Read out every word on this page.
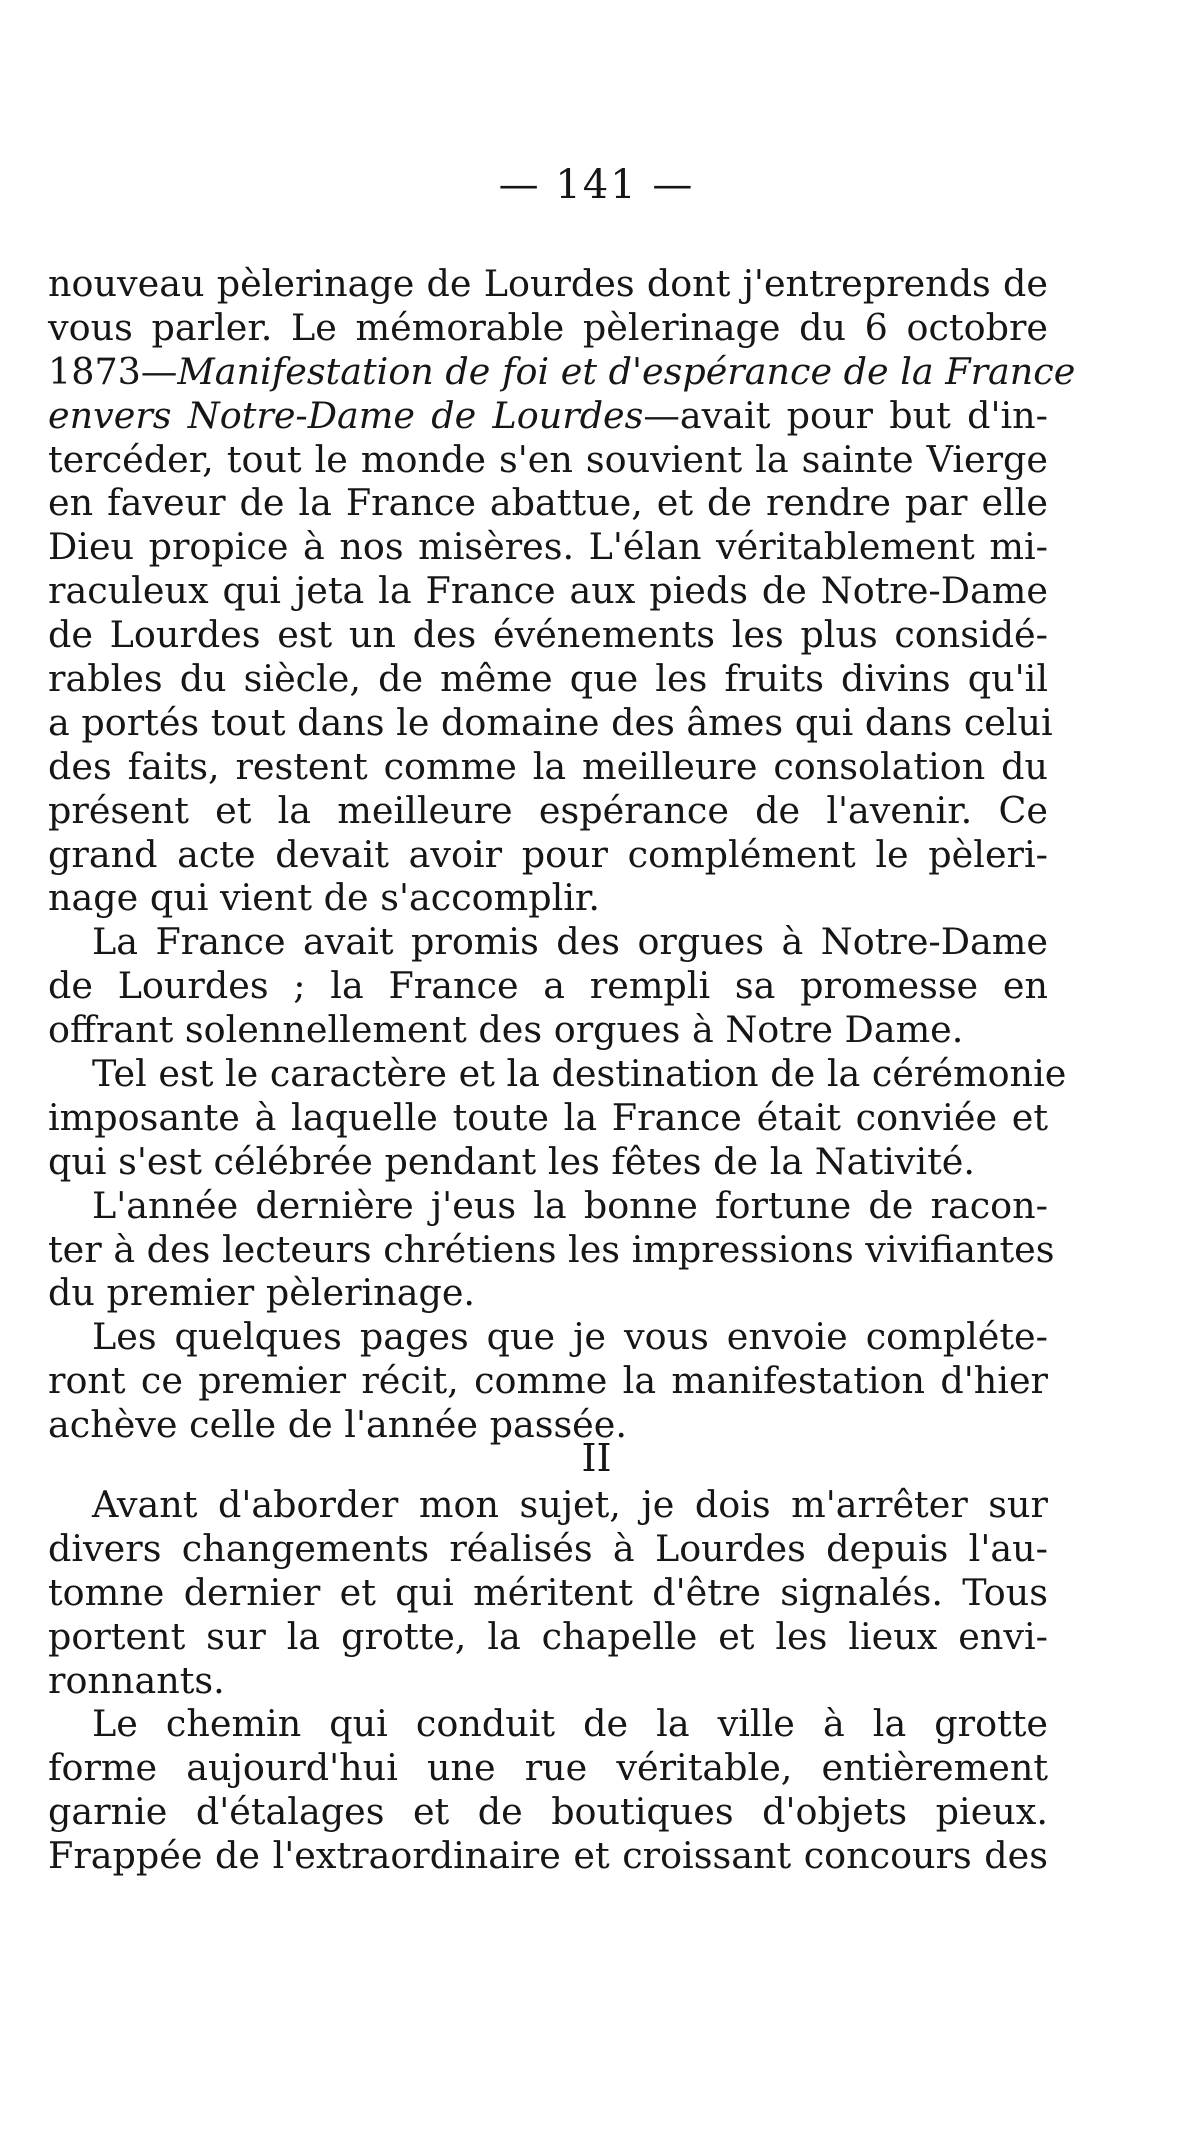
— 141 —
nouveau pèlerinage de Lourdes dont j'entreprends de
vous parler. Le mémorable pèlerinage du 6 octobre
1873—Manifestation de foi et d'espérance de la France
envers Notre-Dame de Lourdes—avait pour but d'in-
tercéder, tout le monde s'en souvient la sainte Vierge
en faveur de la France abattue, et de rendre par elle
Dieu propice à nos misères. L'élan véritablement mi-
raculeux qui jeta la France aux pieds de Notre-Dame
de Lourdes est un des événements les plus considé-
rables du siècle, de même que les fruits divins qu'il
a portés tout dans le domaine des âmes qui dans celui
des faits, restent comme la meilleure consolation du
présent et la meilleure espérance de l'avenir. Ce
grand acte devait avoir pour complément le pèleri-
nage qui vient de s'accomplir.
La France avait promis des orgues à Notre-Dame
de Lourdes ; la France a rempli sa promesse en
offrant solennellement des orgues à Notre Dame.
Tel est le caractère et la destination de la cérémonie
imposante à laquelle toute la France était conviée et
qui s'est célébrée pendant les fêtes de la Nativité.
L'année dernière j'eus la bonne fortune de racon-
ter à des lecteurs chrétiens les impressions vivifiantes
du premier pèlerinage.
Les quelques pages que je vous envoie compléte-
ront ce premier récit, comme la manifestation d'hier
achève celle de l'année passée.
II
Avant d'aborder mon sujet, je dois m'arrêter sur
divers changements réalisés à Lourdes depuis l'au-
tomne dernier et qui méritent d'être signalés. Tous
portent sur la grotte, la chapelle et les lieux envi-
ronnants.
Le chemin qui conduit de la ville à la grotte
forme aujourd'hui une rue véritable, entièrement
garnie d'étalages et de boutiques d'objets pieux.
Frappée de l'extraordinaire et croissant concours des
